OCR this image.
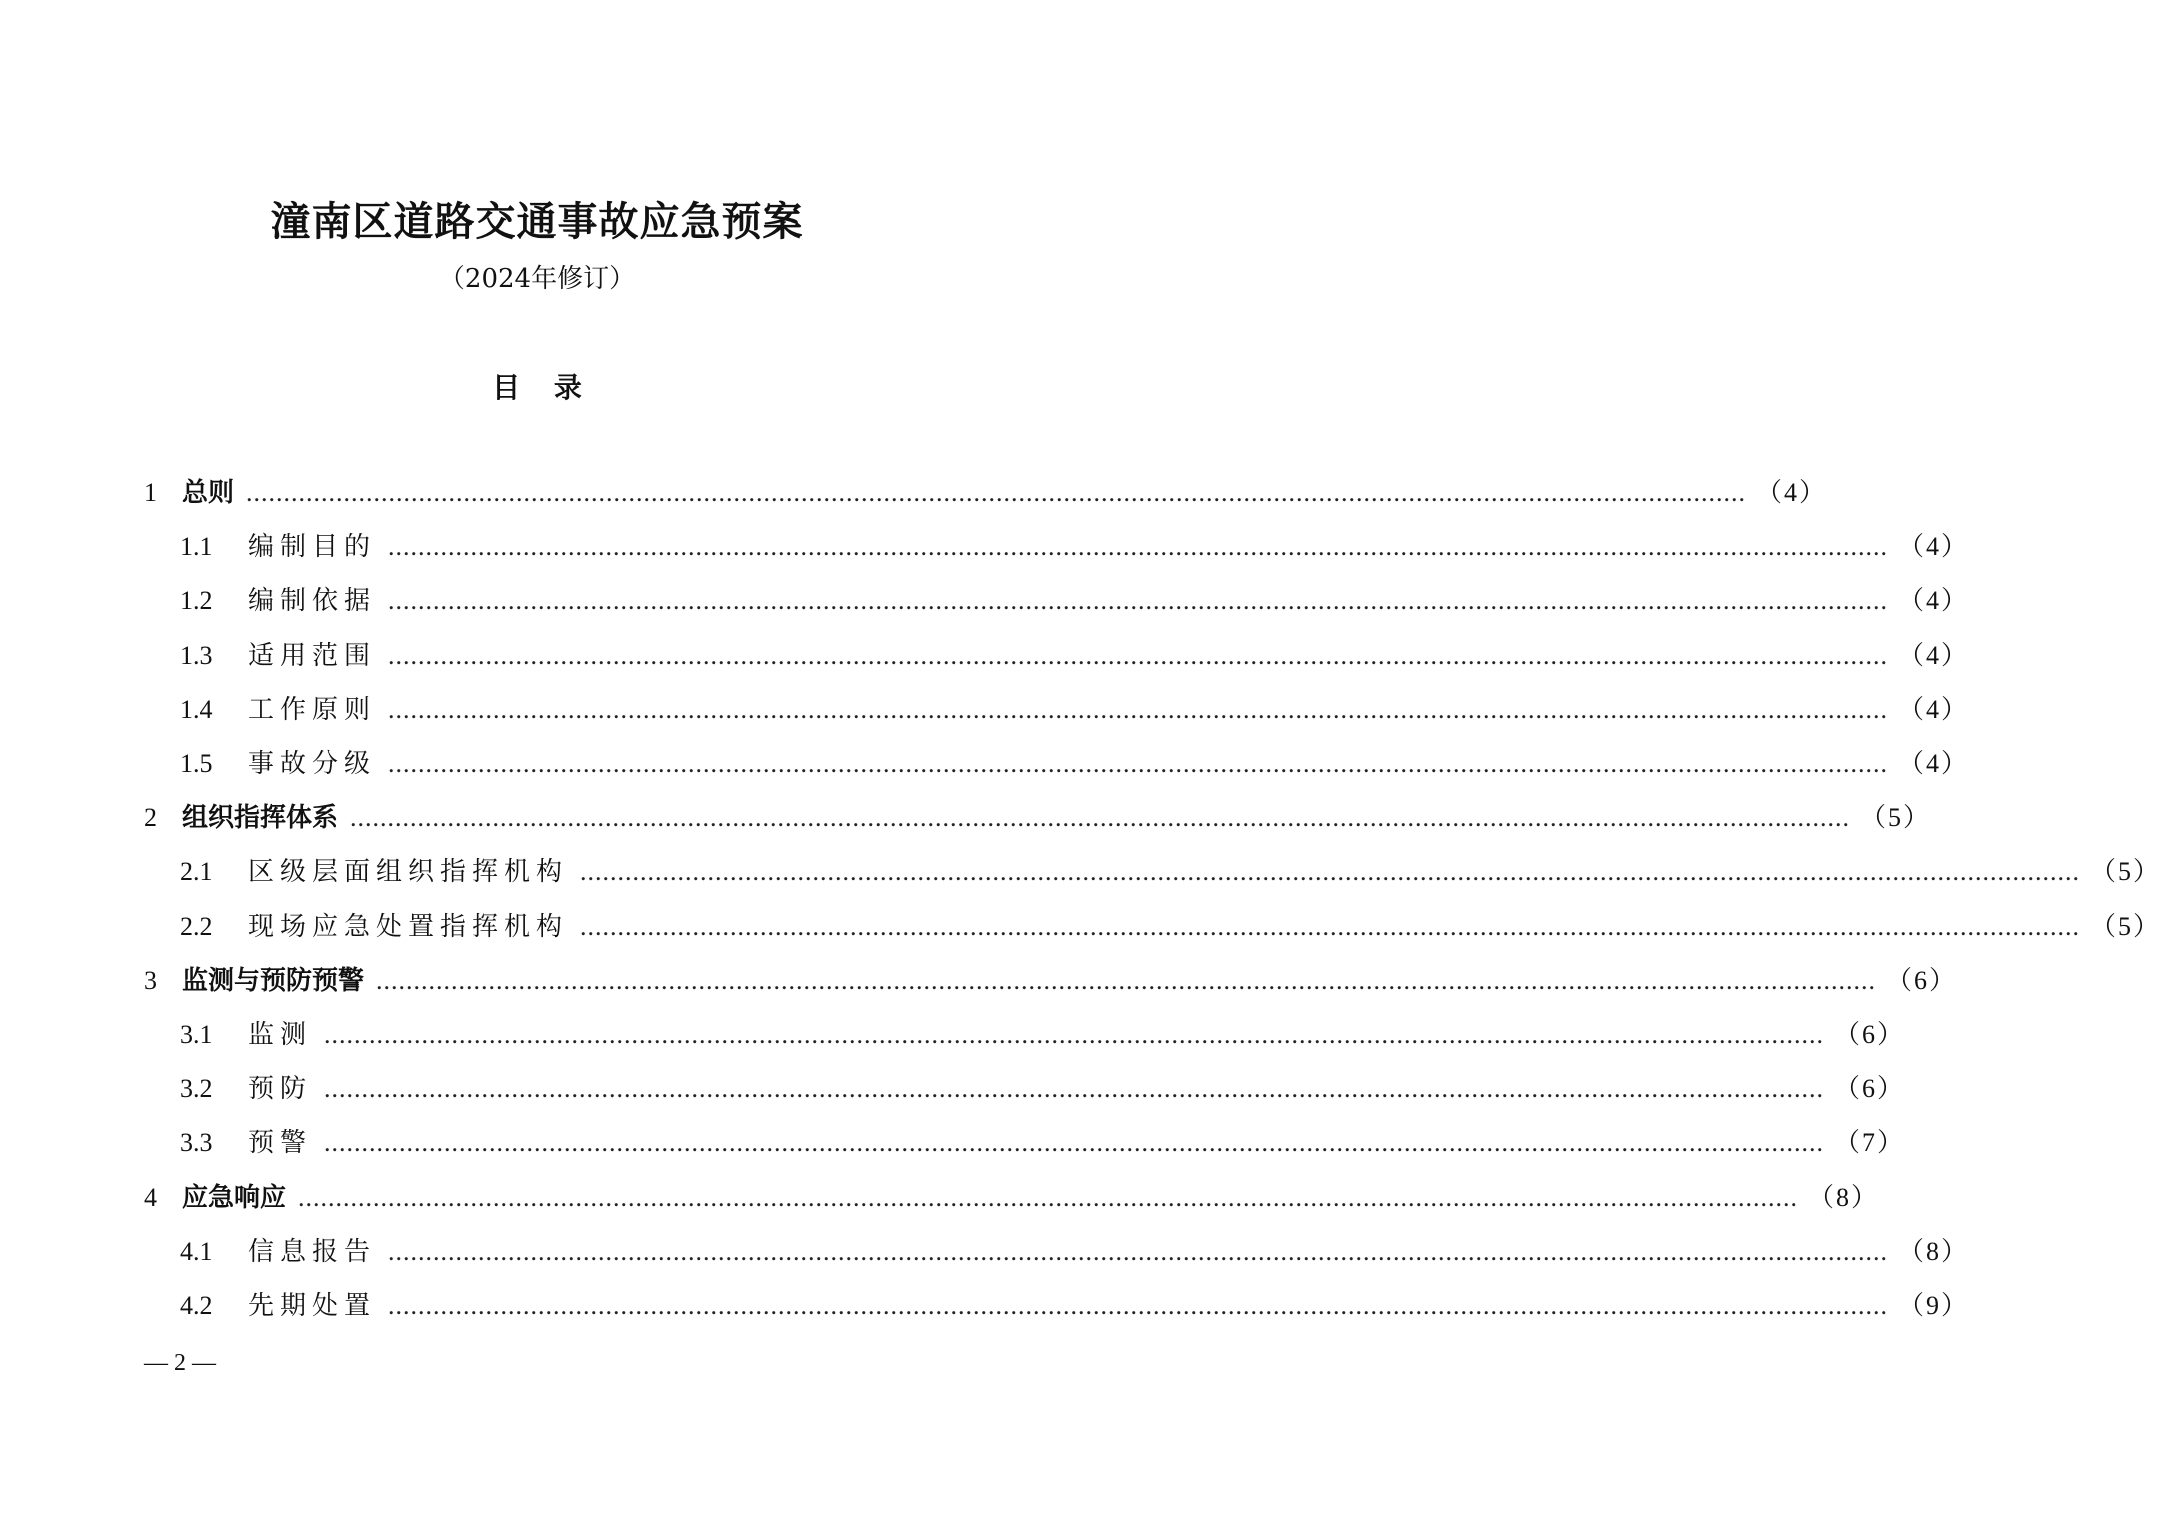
潼南区道路交通事故应急预案
（2024年修订）
目 录
1 总则 ........................................................................................................................................................................................................ （4）
1.1	编制目的 ........................................................................................................................................................................................................ （4）
1.2	编制依据 ........................................................................................................................................................................................................ （4）
1.3	适用范围 ........................................................................................................................................................................................................ （4）
1.4	工作原则 ........................................................................................................................................................................................................ （4）
1.5	事故分级 ........................................................................................................................................................................................................ （4）
2 组织指挥体系 ........................................................................................................................................................................................................ （5）
2.1	区级层面组织指挥机构 ........................................................................................................................................................................................................ （5）
2.2	现场应急处置指挥机构 ........................................................................................................................................................................................................ （5）
3 监测与预防预警 ........................................................................................................................................................................................................ （6）
3.1	监测 ........................................................................................................................................................................................................ （6）
3.2	预防 ........................................................................................................................................................................................................ （6）
3.3	预警 ........................................................................................................................................................................................................ （7）
4 应急响应 ........................................................................................................................................................................................................ （8）
4.1	信息报告 ........................................................................................................................................................................................................ （8）
4.2	先期处置 ........................................................................................................................................................................................................ （9）
— 2 —
